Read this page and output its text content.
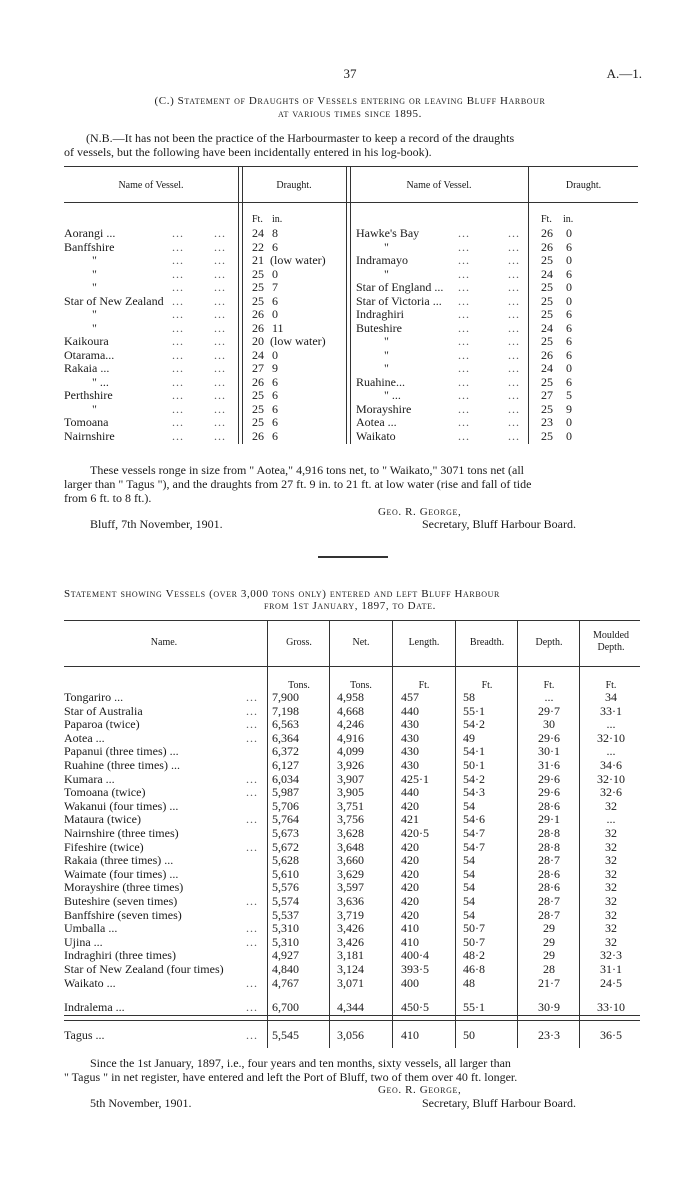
37	A.—1.
(C.) Statement of Draughts of Vessels entering or leaving Bluff Harbour
at various times since 1895.
(N.B.—It has not been the practice of the Harbourmaster to keep a record of the draughts
of vessels, but the following have been incidentally entered in his log-book).
Name of Vessel.	Draught.	Name of Vessel.	Draught.
Ft. in.	Ft. in.
Aorangi ...	...	... 24 8
Banffshire	...	... 22 6
"	...	... 21 (low water)
"	...	... 25 0
"	...	... 25 7
Star of New Zealand ...	... 25 6
"	...	... 26 0
"	...	... 26 11
Kaikoura	...	... 20 (low water)
Otarama...	...	... 24 0
Rakaia ...	...	... 27 9
" ...	...	... 26 6
Perthshire	...	... 25 6
"	...	... 25 6
Tomoana	...	... 25 6
Nairnshire	...	... 26 6
Hawke's Bay	...	... 26 0
"	...	... 26 6
Indramayo	...	... 25 0
"	...	... 24 6
Star of England ... ...	... 25 0
Star of Victoria ... ...	... 25 0
Indraghiri	...	... 25 6
Buteshire	...	... 24 6
"	...	... 25 6
"	...	... 26 6
"	...	... 24 0
Ruahine...	...	... 25 6
" ...	...	... 27 5
Morayshire	...	... 25 9
Aotea ...	...	... 23 0
Waikato	...	... 25 0
These vessels ronge in size from " Aotea," 4,916 tons net, to " Waikato," 3071 tons net (all
larger than " Tagus "), and the draughts from 27 ft. 9 in. to 21 ft. at low water (rise and fall of tide
from 6 ft. to 8 ft.).
Geo. R. George,
Bluff, 7th November, 1901.	Secretary, Bluff Harbour Board.
Statement showing Vessels (over 3,000 tons only) entered and left Bluff Harbour
from 1st January, 1897, to Date.
Name.	Gross.	Net.	Length.	Breadth.	Depth.
Moulded Depth.
Tons.	Tons.	Ft.	Ft.	Ft.	Ft.
Tongariro ...	... 7,900	4,958	457	58	...	34
Star of Australia	... 7,198	4,668	440	55·1	29·7	33·1
Paparoa (twice)	... 6,563	4,246	430	54·2	30	...
Aotea ...	... 6,364	4,916	430	49	29·6	32·10
Papanui (three times) ...	6,372	4,099	430	54·1	30·1	...
Ruahine (three times) ...	6,127	3,926	430	50·1	31·6	34·6
Kumara ...	... 6,034	3,907	425·1	54·2	29·6	32·10
Tomoana (twice)	... 5,987	3,905	440	54·3	29·6	32·6
Wakanui (four times) ...	5,706	3,751	420	54	28·6	32
Mataura (twice)	... 5,764	3,756	421	54·6	29·1	...
Nairnshire (three times)	5,673	3,628	420·5	54·7	28·8	32
Fifeshire (twice)	... 5,672	3,648	420	54·7	28·8	32
Rakaia (three times) ...	5,628	3,660	420	54	28·7	32
Waimate (four times) ...	5,610	3,629	420	54	28·6	32
Morayshire (three times)	5,576	3,597	420	54	28·6	32
Buteshire (seven times)	... 5,574	3,636	420	54	28·7	32
Banffshire (seven times)	5,537	3,719	420	54	28·7	32
Umballa ...	... 5,310	3,426	410	50·7	29	32
Ujina ...	... 5,310	3,426	410	50·7	29	32
Indraghiri (three times)	4,927	3,181	400·4	48·2	29	32·3
Star of New Zealand (four times)	4,840	3,124	393·5	46·8	28	31·1
Waikato ...	... 4,767	3,071	400	48	21·7	24·5
Indralema ...	... 6,700	4,344	450·5	55·1	30·9	33·10
Tagus ...	... 5,545	3,056	410	50	23·3	36·5
Since the 1st January, 1897, i.e., four years and ten months, sixty vessels, all larger than
" Tagus " in net register, have entered and left the Port of Bluff, two of them over 40 ft. longer.
Geo. R. George,
5th November, 1901.	Secretary, Bluff Harbour Board.
